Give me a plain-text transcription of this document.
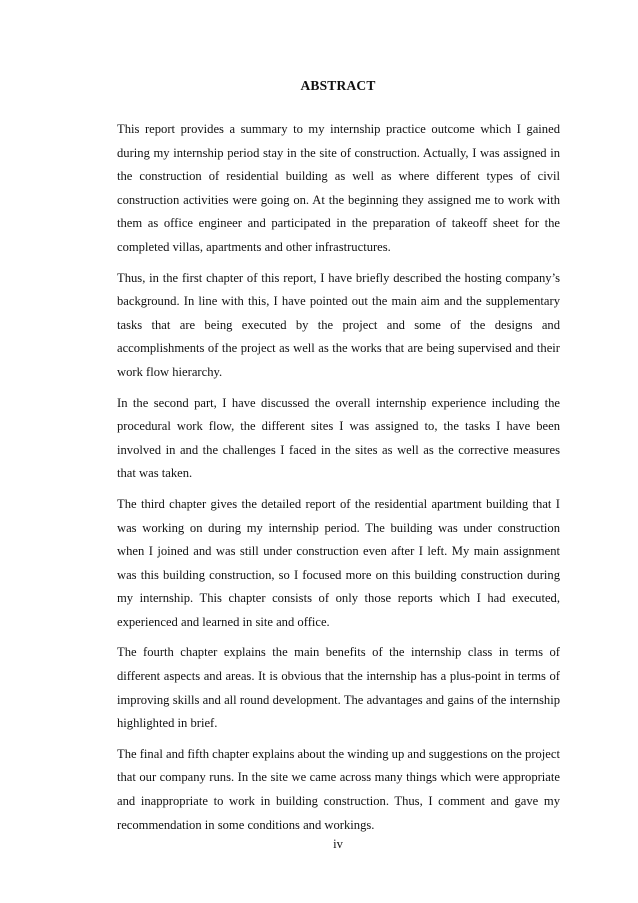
ABSTRACT

This report provides a summary to my internship practice outcome which I gained during my internship period stay in the site of construction. Actually, I was assigned in the construction of residential building as well as where different types of civil construction activities were going on. At the beginning they assigned me to work with them as office engineer and participated in the preparation of takeoff sheet for the completed villas, apartments and other infrastructures.

Thus, in the first chapter of this report, I have briefly described the hosting company’s background. In line with this, I have pointed out the main aim and the supplementary tasks that are being executed by the project and some of the designs and accomplishments of the project as well as the works that are being supervised and their work flow hierarchy.

In the second part, I have discussed the overall internship experience including the procedural work flow, the different sites I was assigned to, the tasks I have been involved in and the challenges I faced in the sites as well as the corrective measures that was taken.

The third chapter gives the detailed report of the residential apartment building that I was working on during my internship period. The building was under construction when I joined and was still under construction even after I left. My main assignment was this building construction, so I focused more on this building construction during my internship. This chapter consists of only those reports which I had executed, experienced and learned in site and office.

The fourth chapter explains the main benefits of the internship class in terms of different aspects and areas. It is obvious that the internship has a plus-point in terms of improving skills and all round development. The advantages and gains of the internship highlighted in brief.

The final and fifth chapter explains about the winding up and suggestions on the project that our company runs. In the site we came across many things which were appropriate and inappropriate to work in building construction. Thus, I comment and gave my recommendation in some conditions and workings.

iv
